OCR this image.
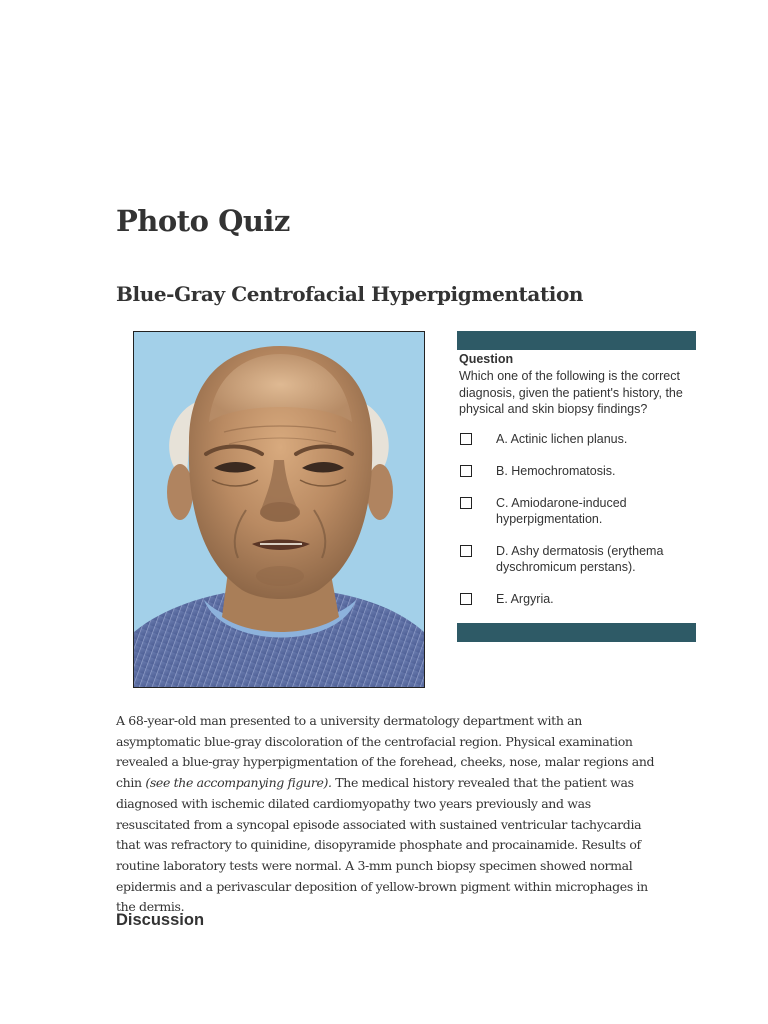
Photo Quiz
Blue-Gray Centrofacial Hyperpigmentation
Question
Which one of the following is the correct diagnosis, given the patient's history, the physical and skin biopsy findings?
A. Actinic lichen planus.
B. Hemochromatosis.
C. Amiodarone-induced hyperpigmentation.
D. Ashy dermatosis (erythema dyschromicum perstans).
E. Argyria.

A 68-year-old man presented to a university dermatology department with an asymptomatic blue-gray discoloration of the centrofacial region. Physical examination revealed a blue-gray hyperpigmentation of the forehead, cheeks, nose, malar regions and chin (see the accompanying figure). The medical history revealed that the patient was diagnosed with ischemic dilated cardiomyopathy two years previously and was resuscitated from a syncopal episode associated with sustained ventricular tachycardia that was refractory to quinidine, disopyramide phosphate and procainamide. Results of routine laboratory tests were normal. A 3-mm punch biopsy specimen showed normal epidermis and a perivascular deposition of yellow-brown pigment within microphages in the dermis.

Discussion
